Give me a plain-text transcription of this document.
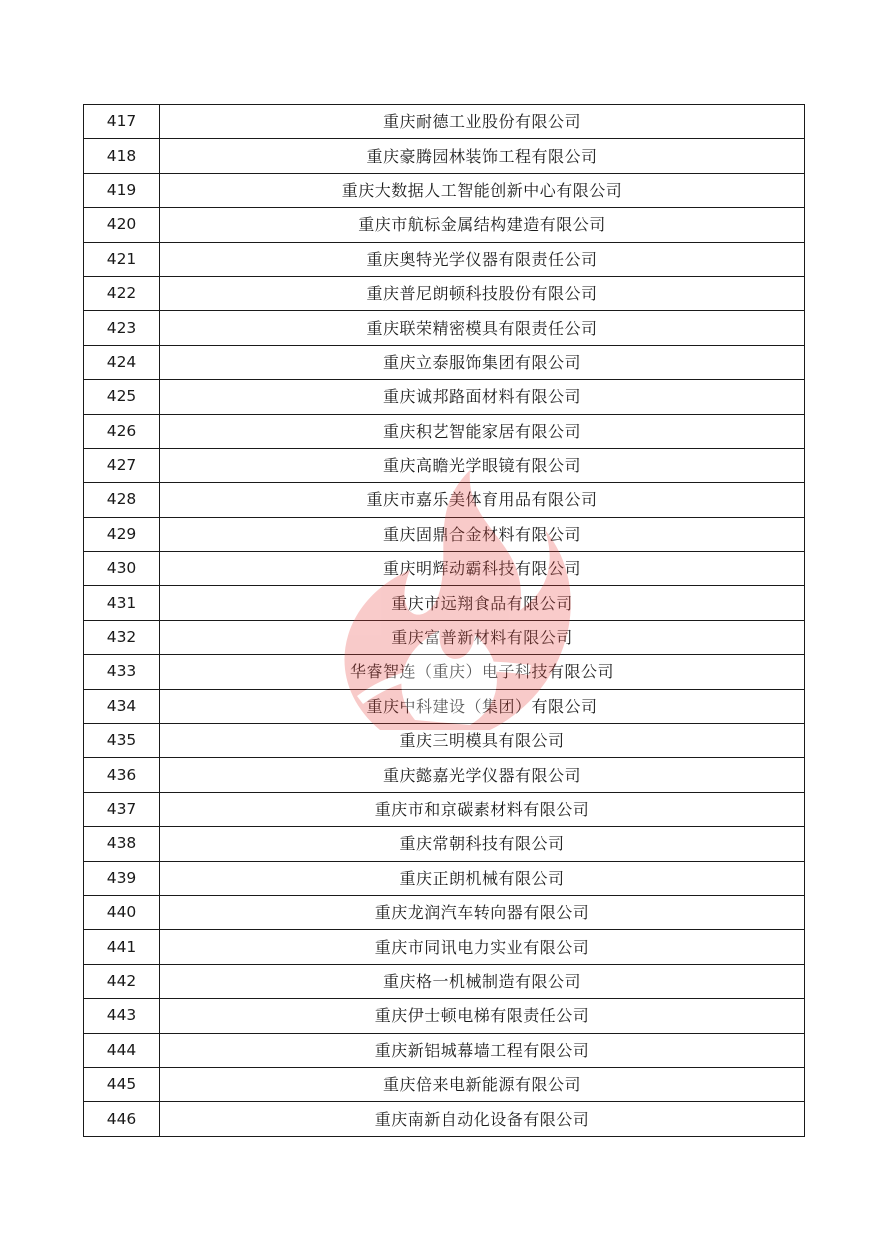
417	重庆耐德工业股份有限公司
418	重庆豪腾园林装饰工程有限公司
419	重庆大数据人工智能创新中心有限公司
420	重庆市航标金属结构建造有限公司
421	重庆奥特光学仪器有限责任公司
422	重庆普尼朗顿科技股份有限公司
423	重庆联荣精密模具有限责任公司
424	重庆立泰服饰集团有限公司
425	重庆诚邦路面材料有限公司
426	重庆积艺智能家居有限公司
427	重庆高瞻光学眼镜有限公司
428	重庆市嘉乐美体育用品有限公司
429	重庆固鼎合金材料有限公司
430	重庆明辉动霸科技有限公司
431	重庆市远翔食品有限公司
432	重庆富普新材料有限公司
433	华睿智连（重庆）电子科技有限公司
434	重庆中科建设（集团）有限公司
435	重庆三明模具有限公司
436	重庆懿嘉光学仪器有限公司
437	重庆市和京碳素材料有限公司
438	重庆常朝科技有限公司
439	重庆正朗机械有限公司
440	重庆龙润汽车转向器有限公司
441	重庆市同讯电力实业有限公司
442	重庆格一机械制造有限公司
443	重庆伊士顿电梯有限责任公司
444	重庆新铝城幕墙工程有限公司
445	重庆倍来电新能源有限公司
446	重庆南新自动化设备有限公司
